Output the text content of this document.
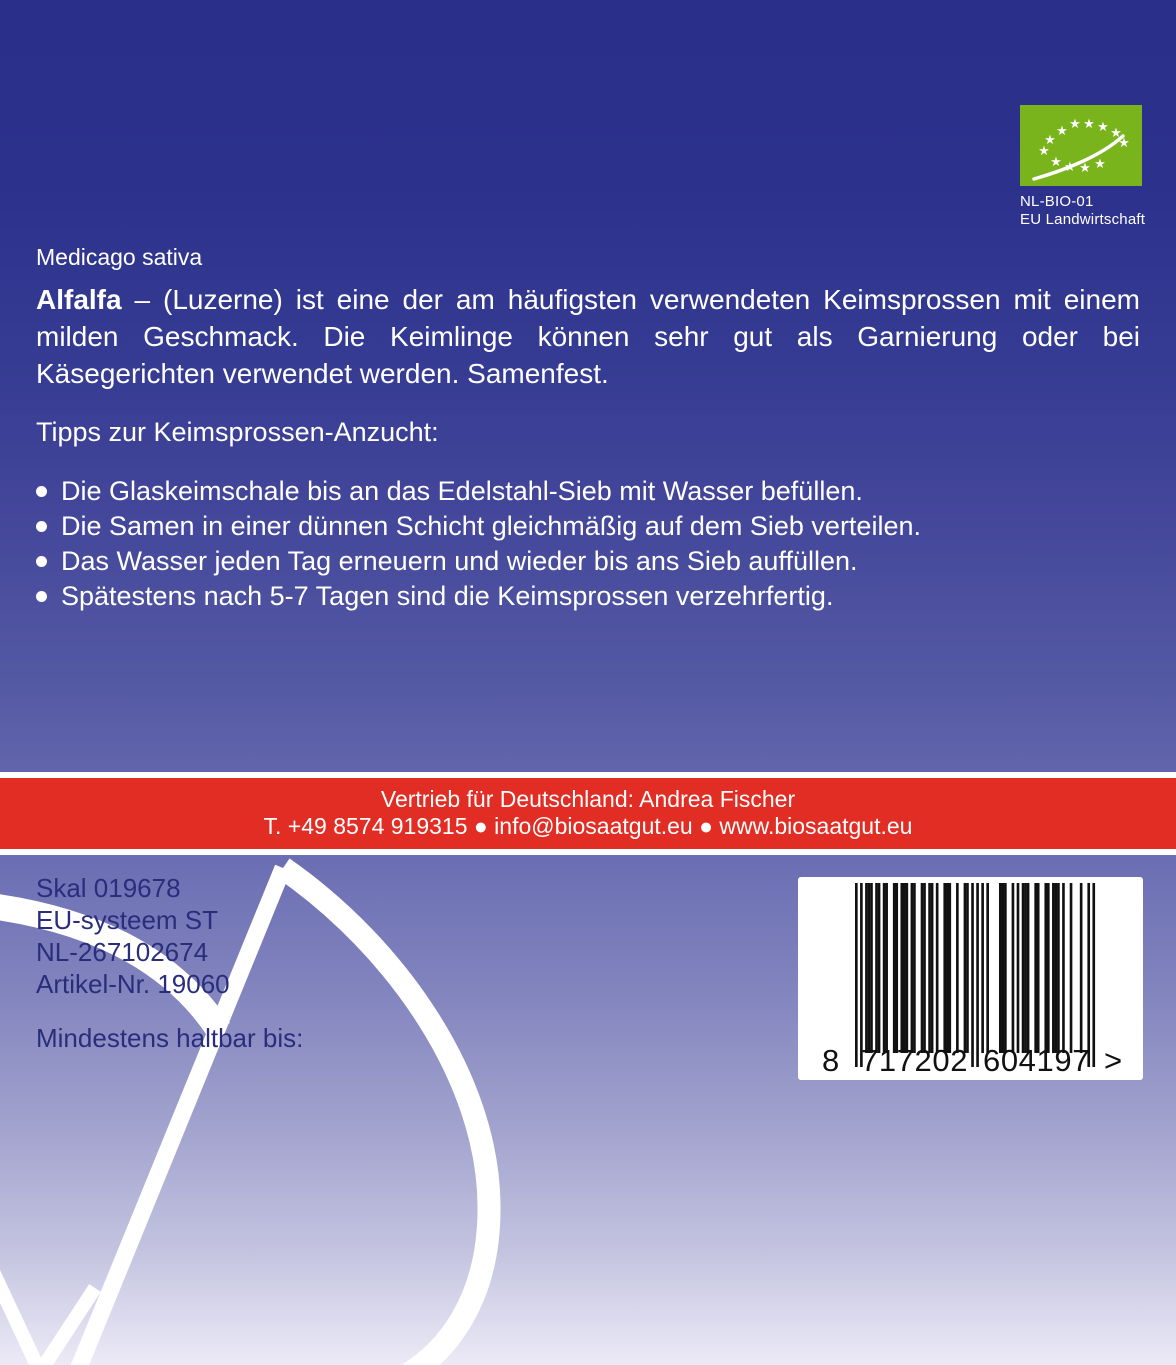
★ ★ ★ ★ ★
★
★
★
★ ★ ★ ★
NL-BIO-01
EU Landwirtschaft
Medicago sativa
Alfalfa – (Luzerne) ist eine der am häufigsten verwendeten Keimsprossen mit einem milden Geschmack. Die Keimlinge können sehr gut als Garnierung oder bei Käsegerichten verwendet werden. Samenfest.
Tipps zur Keimsprossen-Anzucht:
Die Glaskeimschale bis an das Edelstahl-Sieb mit Wasser befüllen.
Die Samen in einer dünnen Schicht gleichmäßig auf dem Sieb verteilen.
Das Wasser jeden Tag erneuern und wieder bis ans Sieb auffüllen.
Spätestens nach 5-7 Tagen sind die Keimsprossen verzehrfertig.
Vertrieb für Deutschland: Andrea Fischer
T. +49 8574 919315 ● info@biosaatgut.eu ● www.biosaatgut.eu
Skal 019678
EU-systeem ST
NL-267102674
Artikel-Nr. 19060
Mindestens haltbar bis:
8 717202 604197 >
